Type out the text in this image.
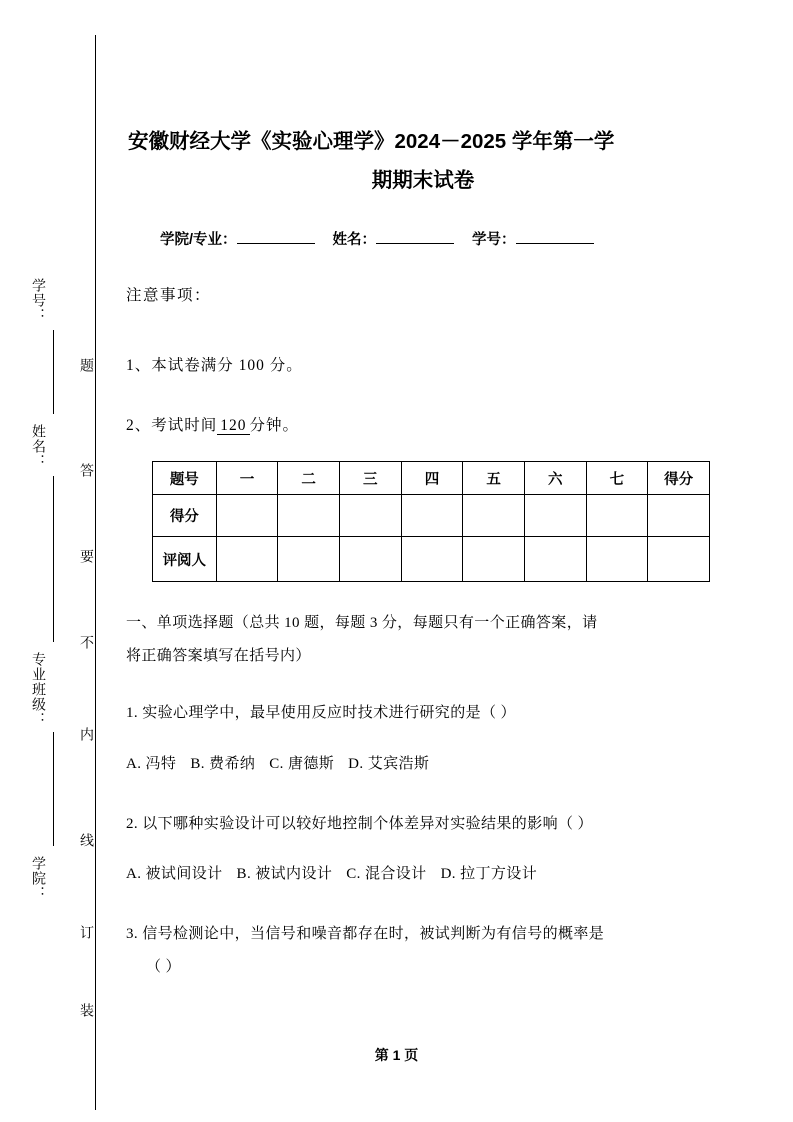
学号：
姓名：
专业班级：
学院：
题
答
要
不
内
线
订
装
安徽财经大学《实验心理学》2024－2025 学年第一学
期期末试卷
学院/专业：	姓名：	学号：
注意事项：
1、本试卷满分 100 分。
2、考试时间 120 分钟。
题号	一	二	三	四	五	六	七	得分
得分								
评阅人								
一、单项选择题（总共 10 题，每题 3 分，每题只有一个正确答案，请
将正确答案填写在括号内）
1. 实验心理学中，最早使用反应时技术进行研究的是（ ）
A. 冯特 B. 费希纳 C. 唐德斯 D. 艾宾浩斯
2. 以下哪种实验设计可以较好地控制个体差异对实验结果的影响（ ）
A. 被试间设计 B. 被试内设计 C. 混合设计 D. 拉丁方设计
3. 信号检测论中，当信号和噪音都存在时，被试判断为有信号的概率是
（ ）
第 1 页
